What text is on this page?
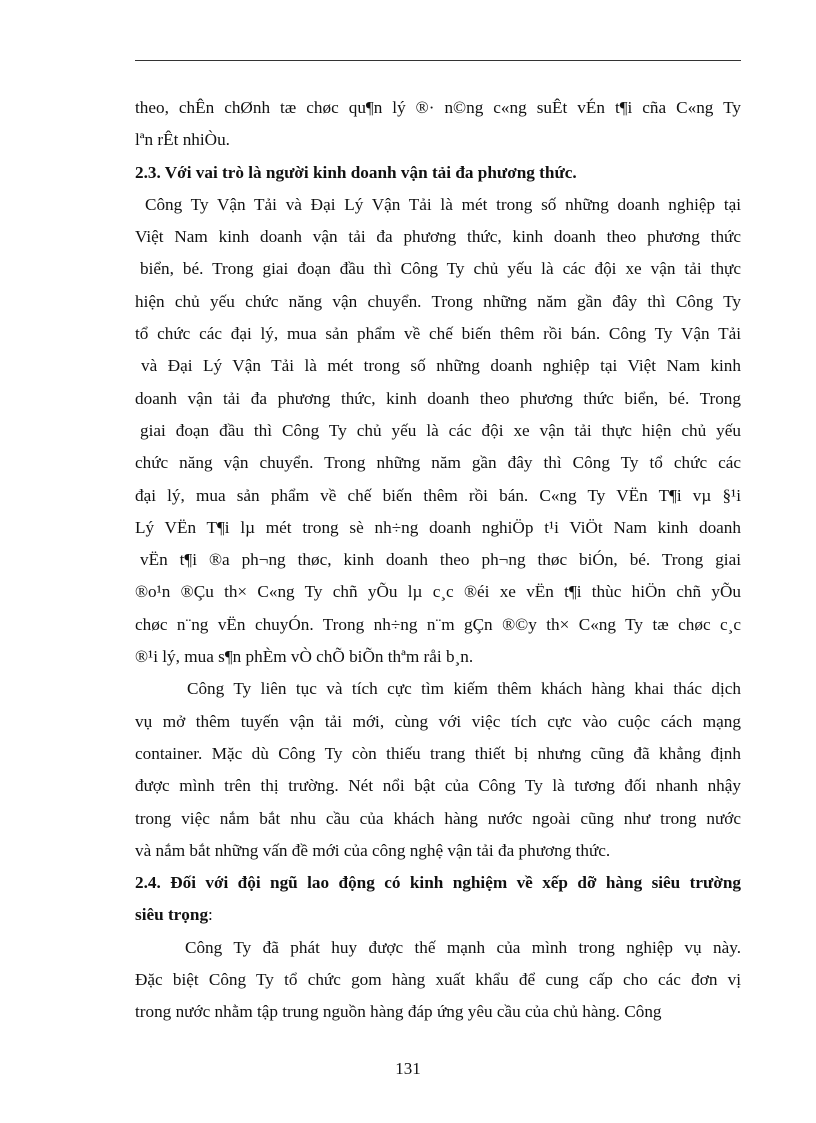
theo, chÊn chØnh tæ chøc qu¶n lý ®· n©ng c«ng suÊt vÉn t¶i cña C«ng Ty
lªn rÊt nhiÒu.
2.3. Với vai trò là người kinh doanh vận tải đa phương thức.
Công Ty Vận Tải và Đại Lý Vận Tải là mét trong số những doanh nghiệp tại
Việt Nam kinh doanh vận tải đa phương thức, kinh doanh theo phương thức
biển, bé. Trong giai đoạn đầu thì Công Ty chủ yếu là các đội xe vận tải thực
hiện chủ yếu chức năng vận chuyển. Trong những năm gần đây thì Công Ty
tổ chức các đại lý, mua sản phẩm về chế biến thêm rồi bán. Công Ty Vận Tải
và Đại Lý Vận Tải là mét trong số những doanh nghiệp tại Việt Nam kinh
doanh vận tải đa phương thức, kinh doanh theo phương thức biển, bé. Trong
giai đoạn đầu thì Công Ty chủ yếu là các đội xe vận tải thực hiện chủ yếu
chức năng vận chuyển. Trong những năm gần đây thì Công Ty tổ chức các
đại lý, mua sản phẩm về chế biến thêm rồi bán. C«ng Ty VËn T¶i vµ §¹i
Lý VËn T¶i lµ mét trong sè nh÷ng doanh nghiÖp t¹i ViÖt Nam kinh doanh
vËn t¶i ®a ph¬ng thøc, kinh doanh theo ph¬ng thøc biÓn, bé. Trong giai
®o¹n ®Çu th× C«ng Ty chñ yÕu lµ c¸c ®éi xe vËn t¶i thùc hiÖn chñ yÕu
chøc n¨ng vËn chuyÓn. Trong nh÷ng n¨m gÇn ®©y th× C«ng Ty tæ chøc c¸c
®¹i lý, mua s¶n phÈm vÒ chÕ biÕn thªm råi b¸n.
Công Ty liên tục và tích cực tìm kiếm thêm khách hàng khai thác dịch
vụ mở thêm tuyến vận tải mới, cùng với việc tích cực vào cuộc cách mạng
container. Mặc dù Công Ty còn thiếu trang thiết bị nhưng cũng đã khẳng định
được mình trên thị trường. Nét nổi bật của Công Ty là tương đối nhanh nhậy
trong việc nắm bắt nhu cầu của khách hàng nước ngoài cũng như trong nước
và nắm bắt những vấn đề mới của công nghệ vận tải đa phương thức.
2.4. Đối với đội ngũ lao động có kinh nghiệm về xếp dỡ hàng siêu trường
siêu trọng:
Công Ty đã phát huy được thế mạnh của mình trong nghiệp vụ này.
Đặc biệt Công Ty tổ chức gom hàng xuất khẩu để cung cấp cho các đơn vị
trong nước nhằm tập trung nguồn hàng đáp ứng yêu cầu của chủ hàng. Công
131
